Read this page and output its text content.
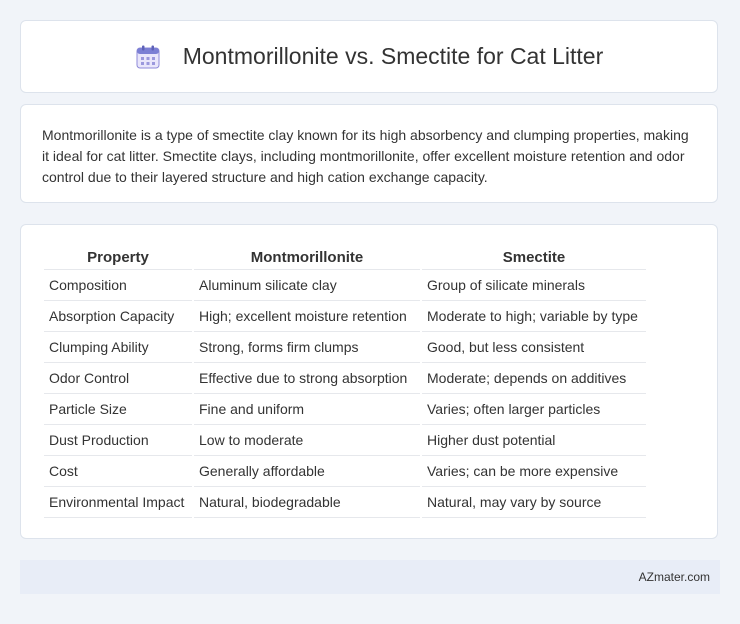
Montmorillonite vs. Smectite for Cat Litter

Montmorillonite is a type of smectite clay known for its high absorbency and clumping properties, making it ideal for cat litter. Smectite clays, including montmorillonite, offer excellent moisture retention and odor control due to their layered structure and high cation exchange capacity.

Property	Montmorillonite	Smectite
Composition	Aluminum silicate clay	Group of silicate minerals
Absorption Capacity	High; excellent moisture retention	Moderate to high; variable by type
Clumping Ability	Strong, forms firm clumps	Good, but less consistent
Odor Control	Effective due to strong absorption	Moderate; depends on additives
Particle Size	Fine and uniform	Varies; often larger particles
Dust Production	Low to moderate	Higher dust potential
Cost	Generally affordable	Varies; can be more expensive
Environmental Impact	Natural, biodegradable	Natural, may vary by source
AZmater.com
